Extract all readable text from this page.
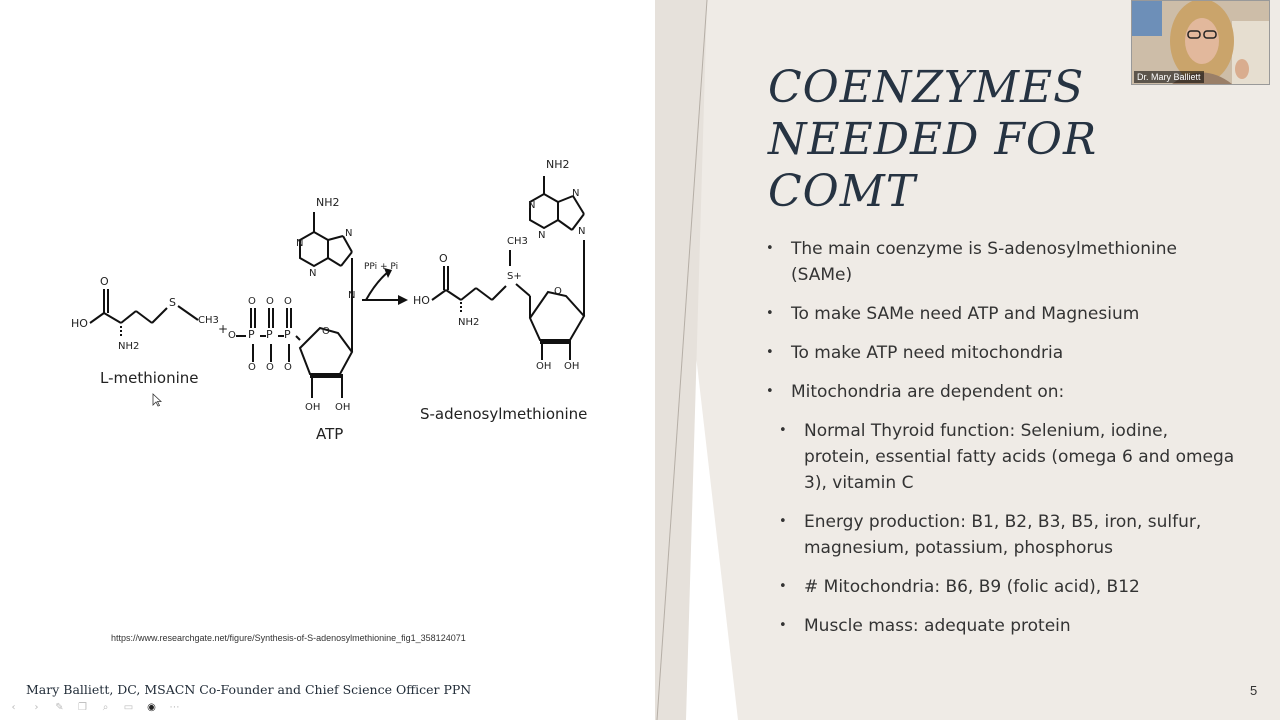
O
HO
S
CH3
NH2
+ O P P P
O O O
O O O
O
OH OH
NH2
N
N
N
N
PPi + Pi
O
HO
NH2
S+
CH3
O
OH OH
NH2
N
N
N
N
L-methionine
ATP
S-adenosylmethionine
COENZYMES NEEDED FOR COMT
• The main coenzyme is S-adenosylmethionine (SAMe)
• To make SAMe need ATP and Magnesium
• To make ATP need mitochondria
• Mitochondria are dependent on:
• Normal Thyroid function: Selenium, iodine, protein, essential fatty acids (omega 6 and omega 3), vitamin C
• Energy production: B1, B2, B3, B5, iron, sulfur, magnesium, potassium, phosphorus
• # Mitochondria: B6, B9 (folic acid), B12
• Muscle mass: adequate protein
https://www.researchgate.net/figure/Synthesis-of-S-adenosylmethionine_fig1_358124071
Mary Balliett, DC, MSACN Co-Founder and Chief Science Officer PPN	5
Dr. Mary Balliett
‹	›	✎	❐	⌕	▭	◉	⋯
